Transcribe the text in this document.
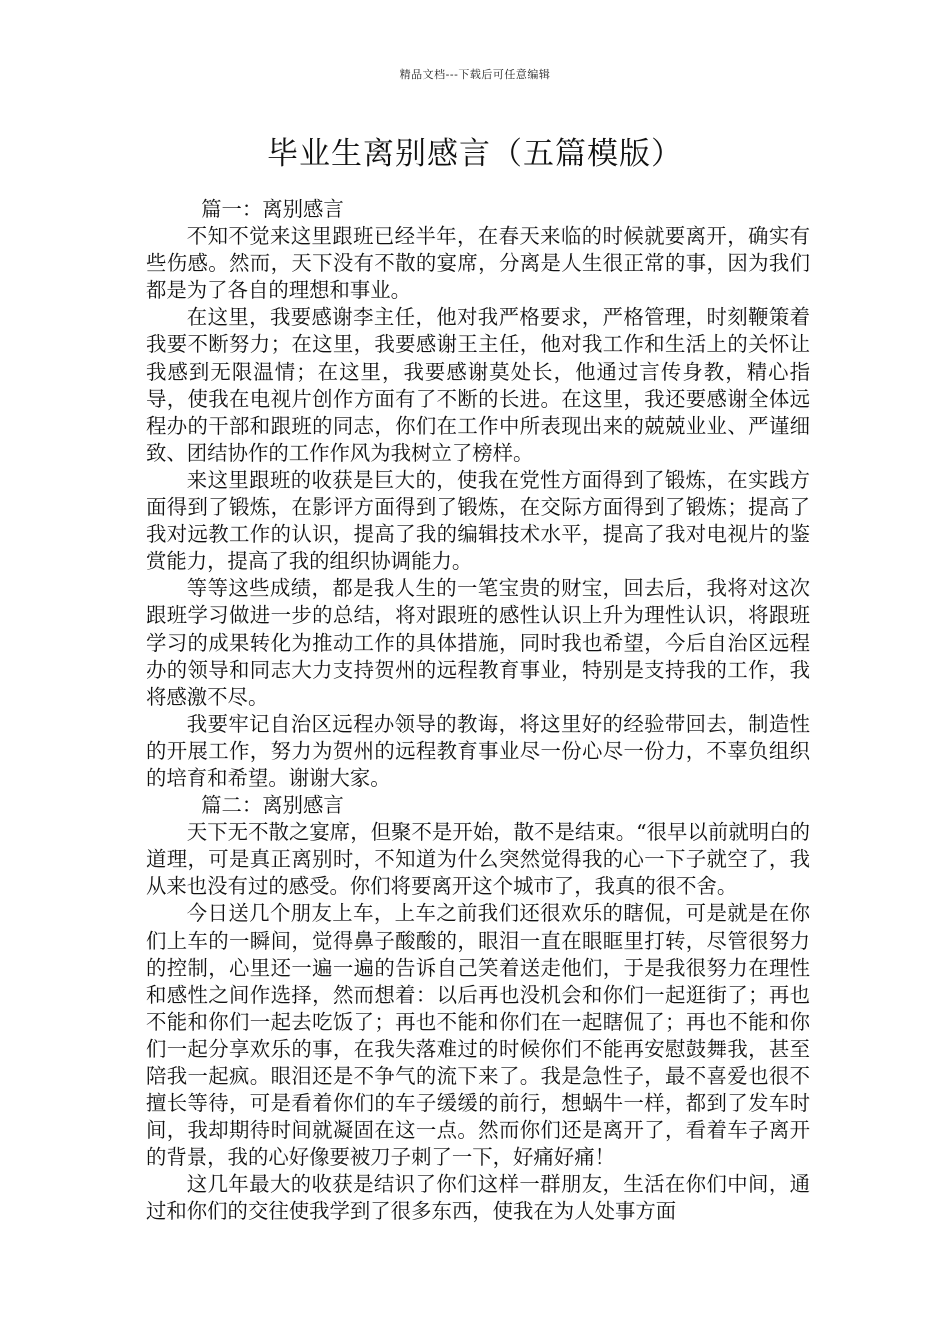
精品文档---下载后可任意编辑
毕业生离别感言（五篇模版）

篇一：离别感言

不知不觉来这里跟班已经半年，在春天来临的时候就要离开，确实有些伤感。然而，天下没有不散的宴席，分离是人生很正常的事，因为我们都是为了各自的理想和事业。

在这里，我要感谢李主任，他对我严格要求，严格管理，时刻鞭策着我要不断努力；在这里，我要感谢王主任，他对我工作和生活上的关怀让我感到无限温情；在这里，我要感谢莫处长，他通过言传身教，精心指导，使我在电视片创作方面有了不断的长进。在这里，我还要感谢全体远程办的干部和跟班的同志，你们在工作中所表现出来的兢兢业业、严谨细致、团结协作的工作作风为我树立了榜样。

来这里跟班的收获是巨大的，使我在党性方面得到了锻炼，在实践方面得到了锻炼，在影评方面得到了锻炼，在交际方面得到了锻炼；提高了我对远教工作的认识，提高了我的编辑技术水平，提高了我对电视片的鉴赏能力，提高了我的组织协调能力。

等等这些成绩，都是我人生的一笔宝贵的财宝，回去后，我将对这次跟班学习做进一步的总结，将对跟班的感性认识上升为理性认识，将跟班学习的成果转化为推动工作的具体措施，同时我也希望，今后自治区远程办的领导和同志大力支持贺州的远程教育事业，特别是支持我的工作，我将感激不尽。

我要牢记自治区远程办领导的教诲，将这里好的经验带回去，制造性的开展工作，努力为贺州的远程教育事业尽一份心尽一份力，不辜负组织的培育和希望。谢谢大家。

篇二：离别感言

天下无不散之宴席，但聚不是开始，散不是结束。“很早以前就明白的道理，可是真正离别时，不知道为什么突然觉得我的心一下子就空了，我从来也没有过的感受。你们将要离开这个城市了，我真的很不舍。

今日送几个朋友上车，上车之前我们还很欢乐的瞎侃，可是就是在你们上车的一瞬间，觉得鼻子酸酸的，眼泪一直在眼眶里打转，尽管很努力的控制，心里还一遍一遍的告诉自己笑着送走他们，于是我很努力在理性和感性之间作选择，然而想着：以后再也没机会和你们一起逛街了；再也不能和你们一起去吃饭了；再也不能和你们在一起瞎侃了；再也不能和你们一起分享欢乐的事，在我失落难过的时候你们不能再安慰鼓舞我，甚至陪我一起疯。眼泪还是不争气的流下来了。我是急性子，最不喜爱也很不擅长等待，可是看着你们的车子缓缓的前行，想蜗牛一样，都到了发车时间，我却期待时间就凝固在这一点。然而你们还是离开了，看着车子离开的背景，我的心好像要被刀子刺了一下，好痛好痛！

这几年最大的收获是结识了你们这样一群朋友，生活在你们中间，通过和你们的交往使我学到了很多东西，使我在为人处事方面
